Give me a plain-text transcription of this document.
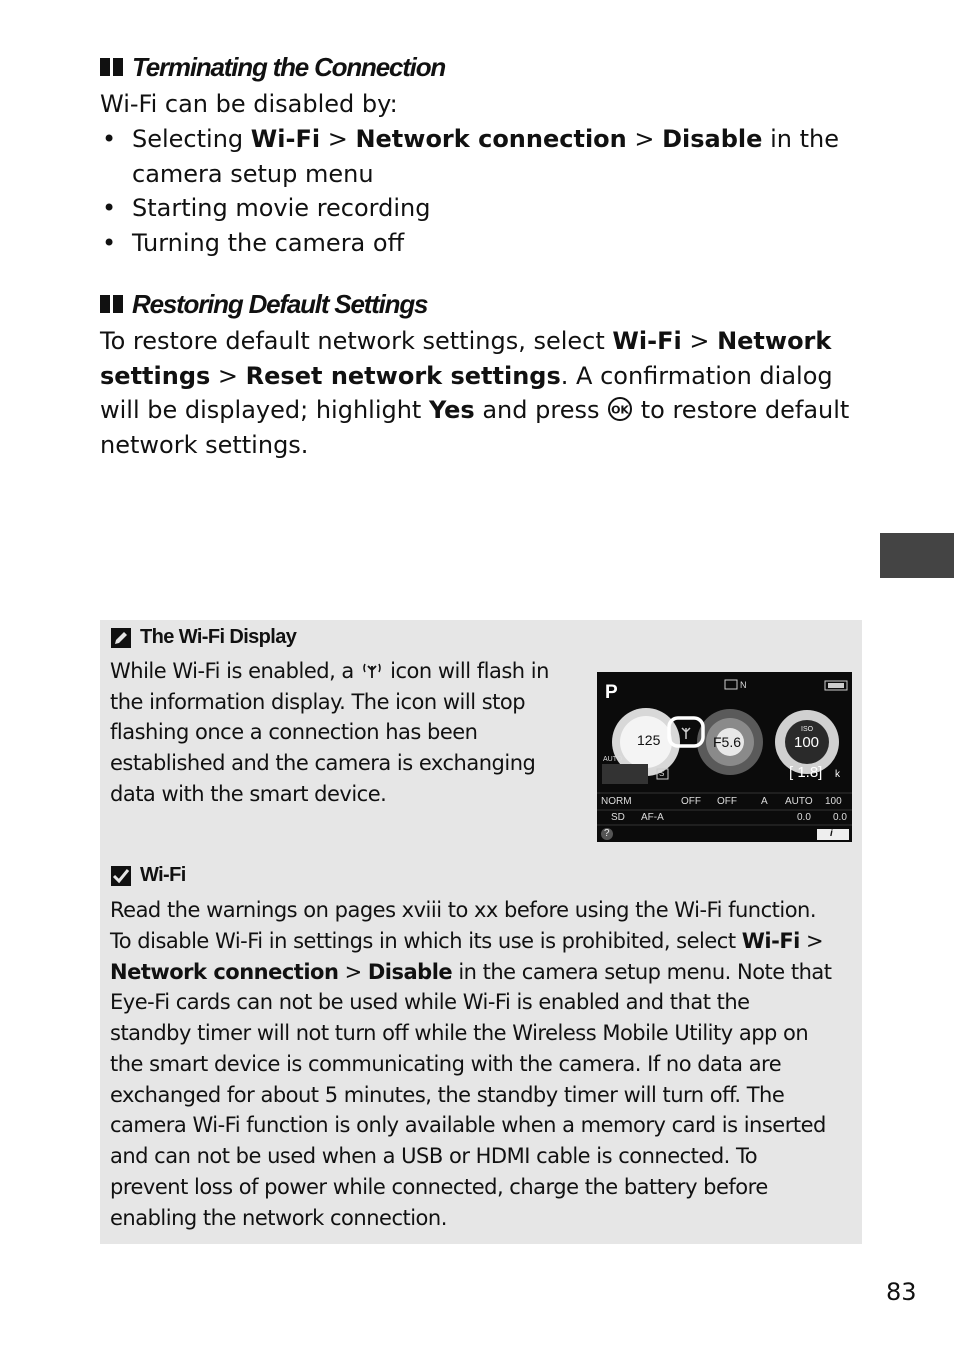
Terminating the Connection
Wi-Fi can be disabled by:
• Selecting Wi-Fi > Network connection > Disable in the camera setup menu
• Starting movie recording
• Turning the camera off
Restoring Default Settings
To restore default network settings, select Wi-Fi > Network settings > Reset network settings. A confirmation dialog will be displayed; highlight Yes and press OK to restore default network settings.
The Wi-Fi Display
While Wi-Fi is enabled, a  icon will flash in
the information display. The icon will stop
flashing once a connection has been
established and the camera is exchanging
data with the smart device.
P	N
125	F5.6
ISO
100
AUTO
S	[ 1.8] k
NORM	OFF OFF A AUTO 100
SD AF-A	0.0 0.0
?	i
Wi-Fi
Read the warnings on pages xviii to xx before using the Wi-Fi function.
To disable Wi-Fi in settings in which its use is prohibited, select Wi-Fi >
Network connection > Disable in the camera setup menu. Note that
Eye-Fi cards can not be used while Wi-Fi is enabled and that the
standby timer will not turn off while the Wireless Mobile Utility app on
the smart device is communicating with the camera. If no data are
exchanged for about 5 minutes, the standby timer will turn off. The
camera Wi-Fi function is only available when a memory card is inserted
and can not be used when a USB or HDMI cable is connected. To
prevent loss of power while connected, charge the battery before
enabling the network connection.
83
